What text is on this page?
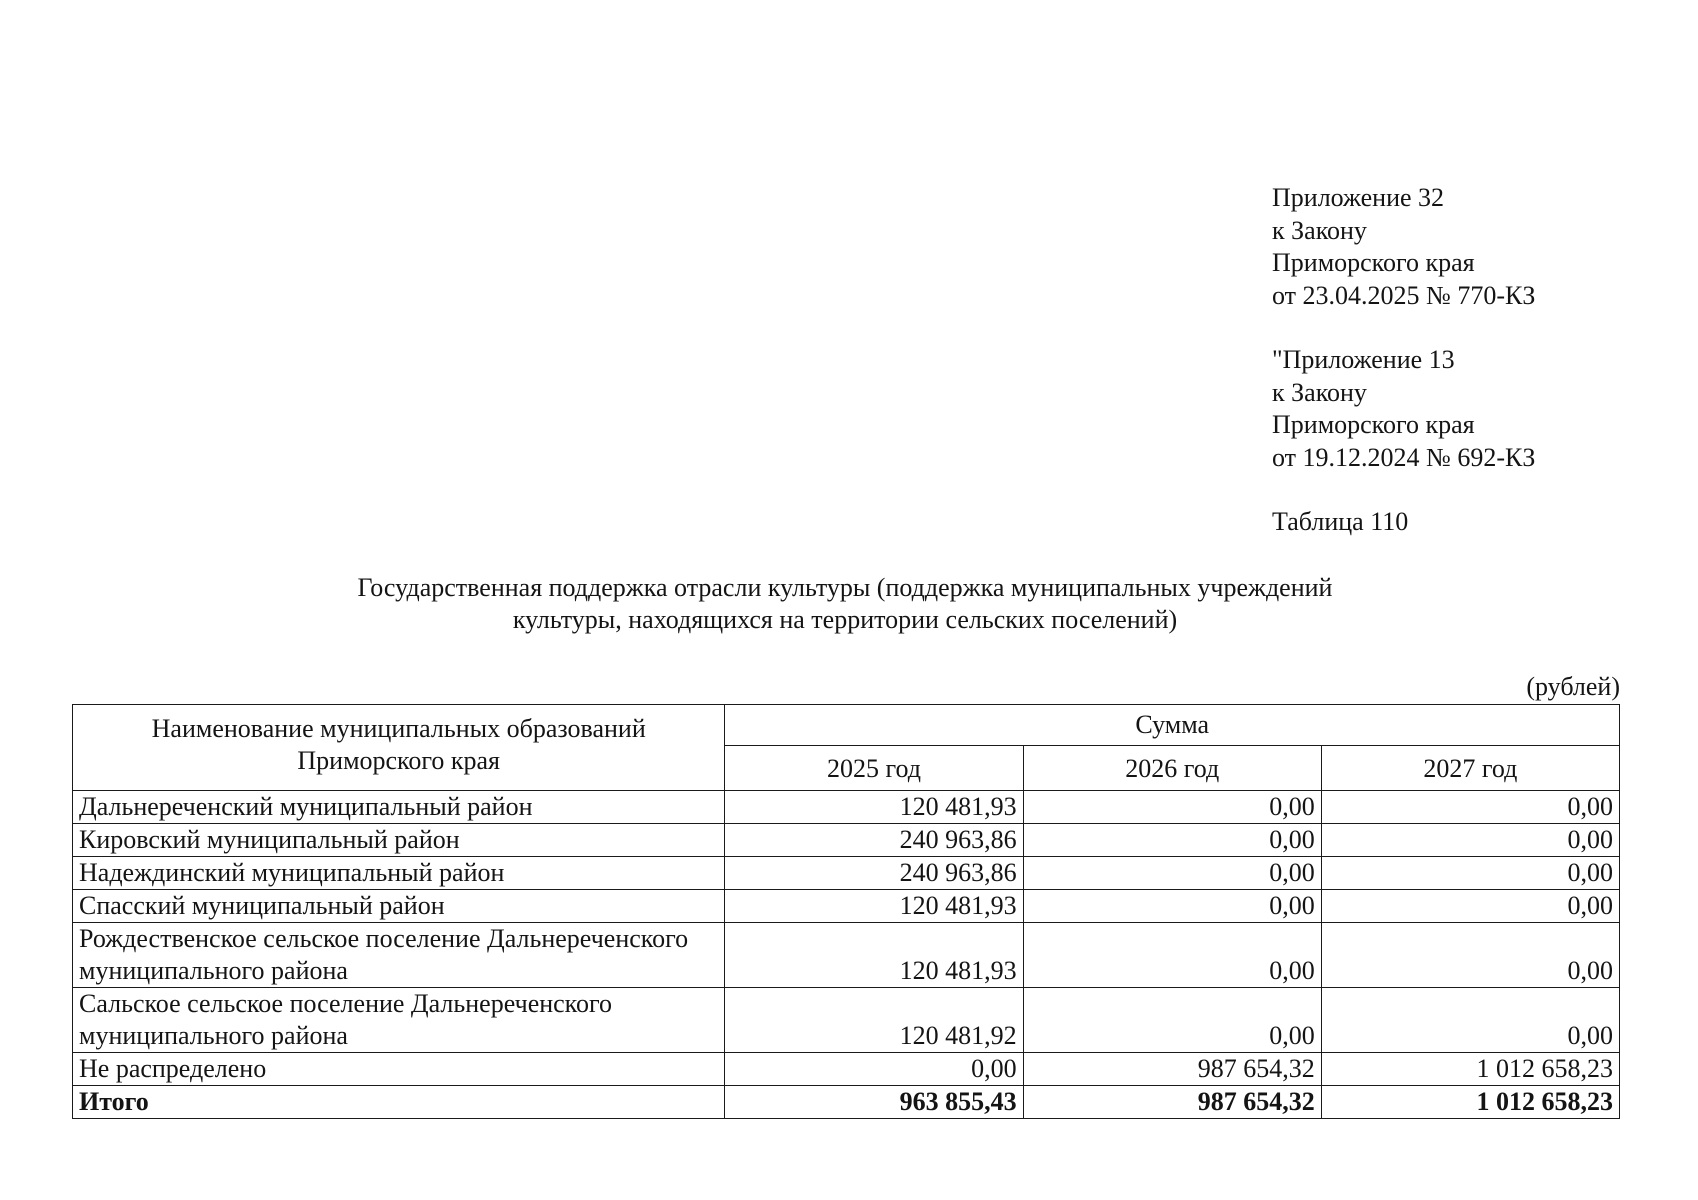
Приложение 32
к Закону
Приморского края
от 23.04.2025 № 770-КЗ
"Приложение 13
к Закону
Приморского края
от 19.12.2024 № 692-КЗ
Таблица 110
Государственная поддержка отрасли культуры (поддержка муниципальных учреждений
культуры, находящихся на территории сельских поселений)
(рублей)
Наименование муниципальных образований Приморского края	Сумма		
	2025 год	2026 год	2027 год
Дальнереченский муниципальный район	120 481,93	0,00	0,00
Кировский муниципальный район	240 963,86	0,00	0,00
Надеждинский муниципальный район	240 963,86	0,00	0,00
Спасский муниципальный район	120 481,93	0,00	0,00
Рождественское сельское поселение Дальнереченского муниципального района	120 481,93	0,00	0,00
Сальское сельское поселение Дальнереченского муниципального района	120 481,92	0,00	0,00
Не распределено	0,00	987 654,32	1 012 658,23
Итого	963 855,43	987 654,32	1 012 658,23
